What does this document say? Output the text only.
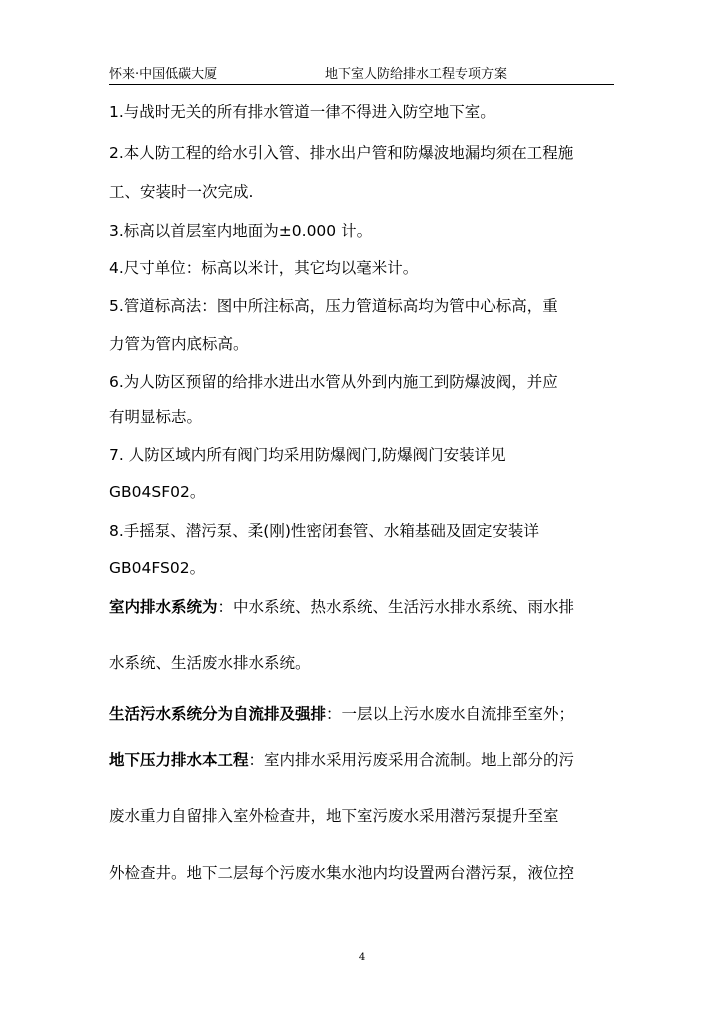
怀来·中国低碳大厦	地下室人防给排水工程专项方案
1.与战时无关的所有排水管道一律不得进入防空地下室。
2.本人防工程的给水引入管、排水出户管和防爆波地漏均须在工程施
工、安装时一次完成.
3.标高以首层室内地面为±0.000 计。
4.尺寸单位：标高以米计，其它均以毫米计。
5.管道标高法：图中所注标高，压力管道标高均为管中心标高，重
力管为管内底标高。
6.为人防区预留的给排水进出水管从外到内施工到防爆波阀，并应
有明显标志。
7. 人防区域内所有阀门均采用防爆阀门,防爆阀门安装详见
GB04SF02。
8.手摇泵、潜污泵、柔(刚)性密闭套管、水箱基础及固定安装详
GB04FS02。
室内排水系统为：中水系统、热水系统、生活污水排水系统、雨水排
水系统、生活废水排水系统。
生活污水系统分为自流排及强排：一层以上污水废水自流排至室外；
地下压力排水本工程：室内排水采用污废采用合流制。地上部分的污
废水重力自留排入室外检查井，地下室污废水采用潜污泵提升至室
外检查井。地下二层每个污废水集水池内均设置两台潜污泵，液位控
4
